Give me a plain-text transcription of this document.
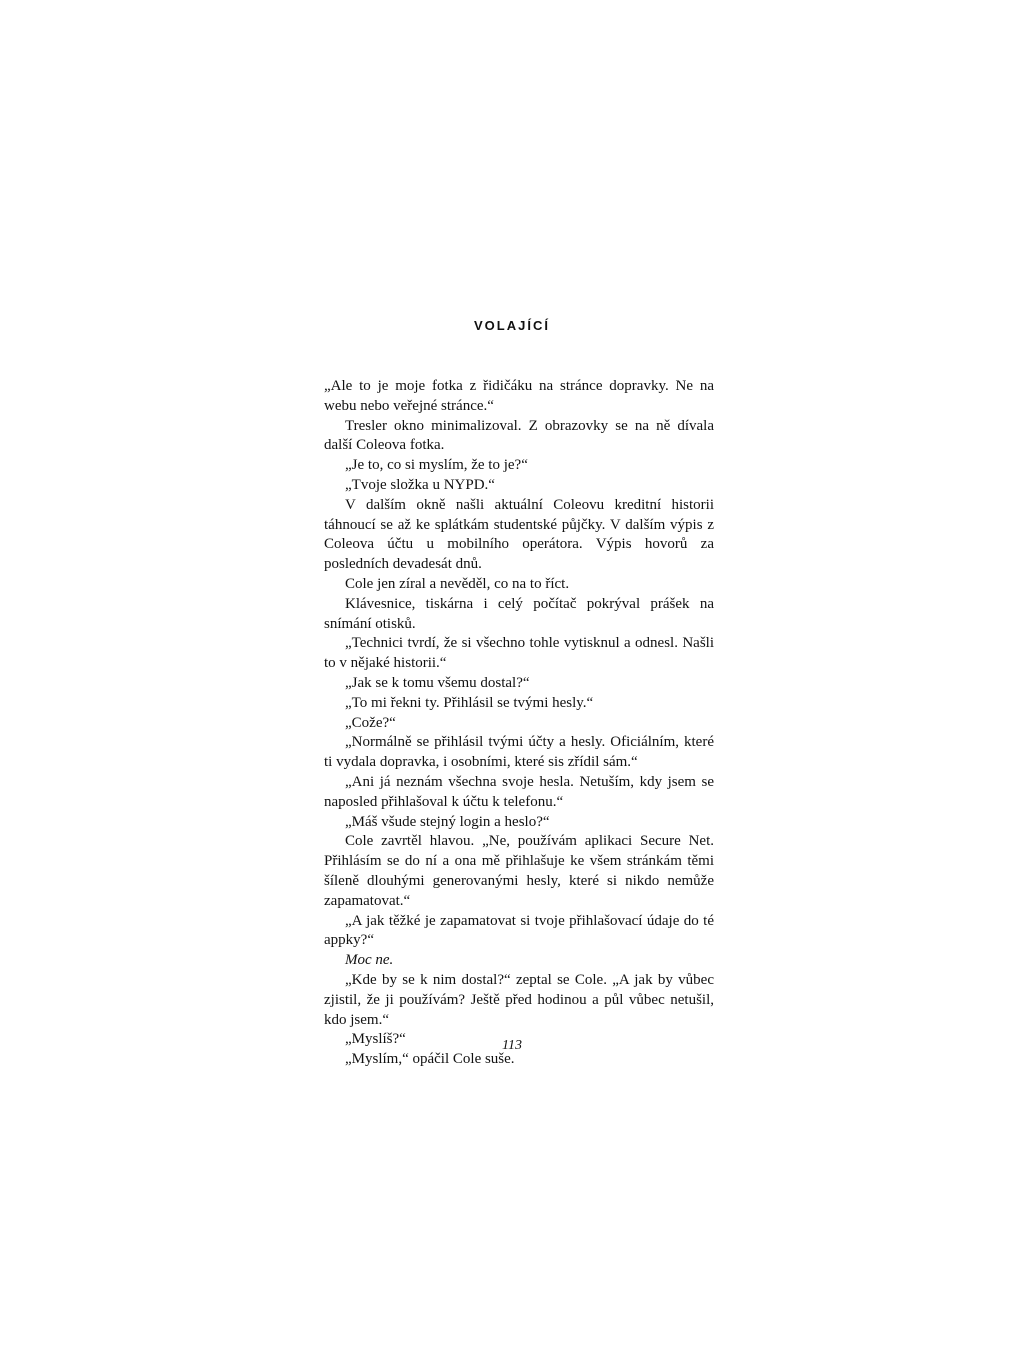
VOLAJÍCÍ

„Ale to je moje fotka z řidičáku na stránce dopravky. Ne na webu nebo veřejné stránce.“

Tresler okno minimalizoval. Z obrazovky se na ně dívala další Coleova fotka.

„Je to, co si myslím, že to je?“

„Tvoje složka u NYPD.“

V dalším okně našli aktuální Coleovu kreditní historii táhnoucí se až ke splátkám studentské půjčky. V dalším výpis z Coleova účtu u mobilního operátora. Výpis hovorů za posledních devadesát dnů.

Cole jen zíral a nevěděl, co na to říct.

Klávesnice, tiskárna i celý počítač pokrýval prášek na snímání otisků.

„Technici tvrdí, že si všechno tohle vytisknul a odnesl. Našli to v nějaké historii.“

„Jak se k tomu všemu dostal?“

„To mi řekni ty. Přihlásil se tvými hesly.“

„Cože?“

„Normálně se přihlásil tvými účty a hesly. Oficiálním, které ti vydala dopravka, i osobními, které sis zřídil sám.“

„Ani já neznám všechna svoje hesla. Netuším, kdy jsem se naposled přihlašoval k účtu k telefonu.“

„Máš všude stejný login a heslo?“

Cole zavrtěl hlavou. „Ne, používám aplikaci Secure Net. Přihlásím se do ní a ona mě přihlašuje ke všem stránkám těmi šíleně dlouhými generovanými hesly, které si nikdo nemůže zapamatovat.“

„A jak těžké je zapamatovat si tvoje přihlašovací údaje do té appky?“

Moc ne.

„Kde by se k nim dostal?“ zeptal se Cole. „A jak by vůbec zjistil, že ji používám? Ještě před hodinou a půl vůbec netušil, kdo jsem.“

„Myslíš?“

„Myslím,“ opáčil Cole suše.

113
